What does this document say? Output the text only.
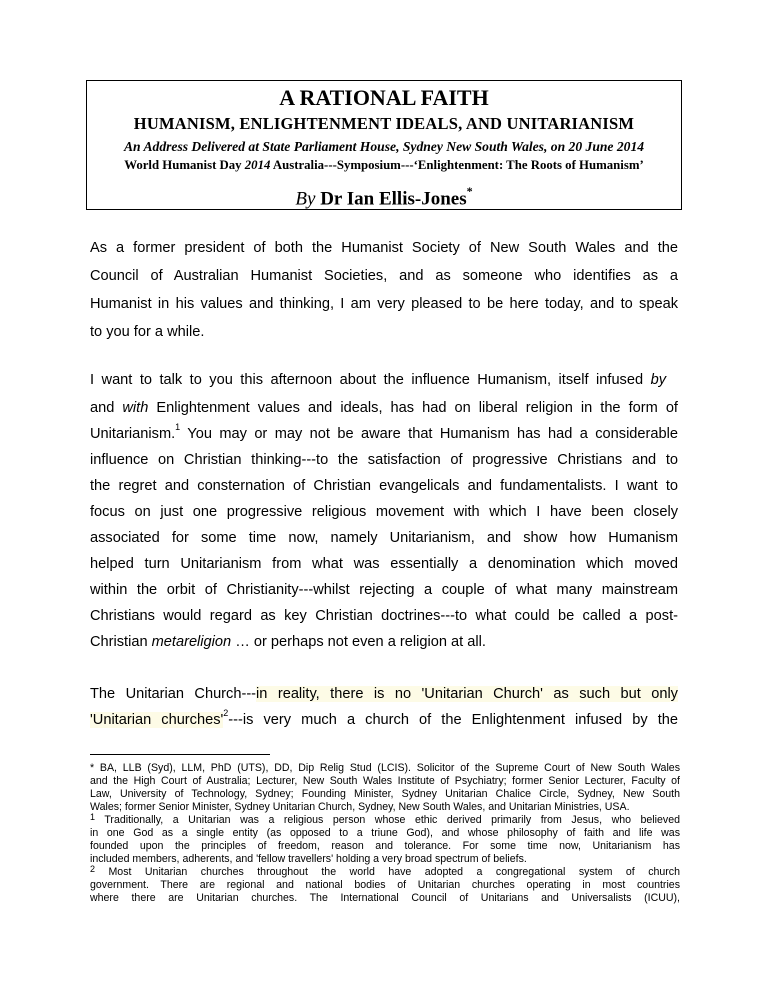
A RATIONAL FAITH
HUMANISM, ENLIGHTENMENT IDEALS, AND UNITARIANISM
An Address Delivered at State Parliament House, Sydney New South Wales, on 20 June 2014
World Humanist Day 2014 Australia---Symposium---‘Enlightenment: The Roots of Humanism’
By Dr Ian Ellis-Jones*
As a former president of both the Humanist Society of New South Wales and the
Council of Australian Humanist Societies, and as someone who identifies as a
Humanist in his values and thinking, I am very pleased to be here today, and to speak
to you for a while.
I want to talk to you this afternoon about the influence Humanism, itself infused by
and with Enlightenment values and ideals, has had on liberal religion in the form of
Unitarianism.$^1$ You may or may not be aware that Humanism has had a considerable
influence on Christian thinking---to the satisfaction of progressive Christians and to
the regret and consternation of Christian evangelicals and fundamentalists. I want to
focus on just one progressive religious movement with which I have been closely
associated for some time now, namely Unitarianism, and show how Humanism
helped turn Unitarianism from what was essentially a denomination which moved
within the orbit of Christianity---whilst rejecting a couple of what many mainstream
Christians would regard as key Christian doctrines---to what could be called a post-
Christian metareligion … or perhaps not even a religion at all.
The Unitarian Church---in reality, there is no 'Unitarian Church' as such but only
'Unitarian $churches'^2---is$ very much a church of the Enlightenment infused by the
* BA, LLB (Syd), LLM, PhD (UTS), DD, Dip Relig Stud (LCIS). Solicitor of the Supreme Court of New South Wales
and the High Court of Australia; Lecturer, New South Wales Institute of Psychiatry; former Senior Lecturer, Faculty of
Law, University of Technology, Sydney; Founding Minister, Sydney Unitarian Chalice Circle, Sydney, New South
Wales; former Senior Minister, Sydney Unitarian Church, Sydney, New South Wales, and Unitarian Ministries, USA.
$^1$ Traditionally, a Unitarian was a religious person whose ethic derived primarily from Jesus, who believed
in one God as a single entity (as opposed to a triune God), and whose philosophy of faith and life was
founded upon the principles of freedom, reason and tolerance. For some time now, Unitarianism has
included members, adherents, and 'fellow travellers' holding a very broad spectrum of beliefs.
$^2$ Most Unitarian churches throughout the world have adopted a congregational system of church
government. There are regional and national bodies of Unitarian churches operating in most countries
where there are Unitarian churches. The International Council of Unitarians and Universalists (ICUU),
